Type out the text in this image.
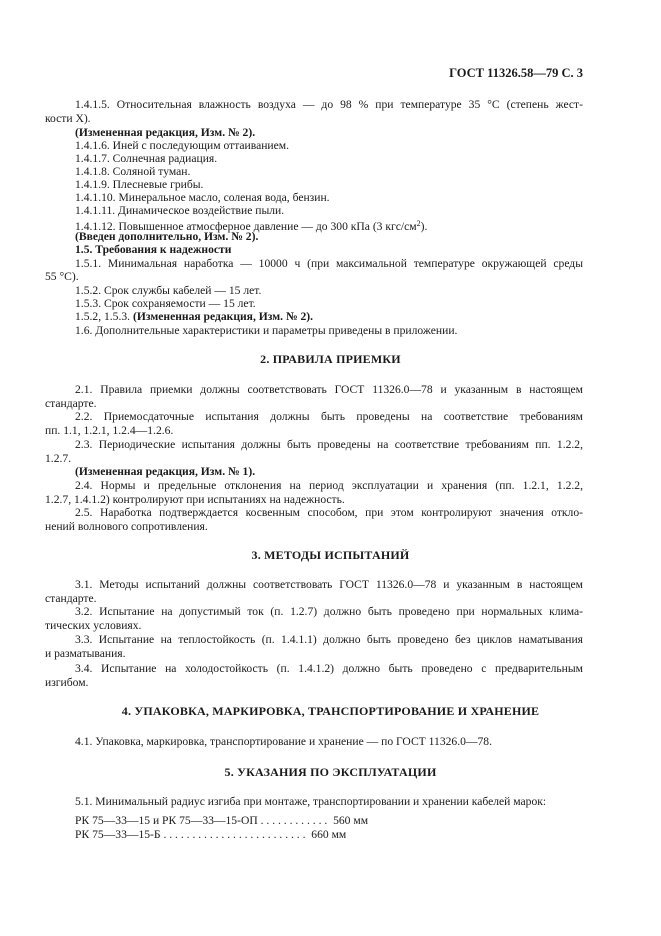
ГОСТ 11326.58—79 С. 3
1.4.1.5. Относительная влажность воздуха — до 98 % при температуре 35 °С (степень жест-
кости X).
(Измененная редакция, Изм. № 2).
1.4.1.6. Иней с последующим оттаиванием.
1.4.1.7. Солнечная радиация.
1.4.1.8. Соляной туман.
1.4.1.9. Плесневые грибы.
1.4.1.10. Минеральное масло, соленая вода, бензин.
1.4.1.11. Динамическое воздействие пыли.
1.4.1.12. Повышенное атмосферное давление — до 300 кПа (3 кгс/$см^2$).
(Введен дополнительно, Изм. № 2).
1.5. Требования к надежности
1.5.1. Минимальная наработка — 10000 ч (при максимальной температуре окружающей среды
55 °С).
1.5.2. Срок службы кабелей — 15 лет.
1.5.3. Срок сохраняемости — 15 лет.
1.5.2, 1.5.3. (Измененная редакция, Изм. № 2).
1.6. Дополнительные характеристики и параметры приведены в приложении.
2. ПРАВИЛА ПРИЕМКИ
2.1. Правила приемки должны соответствовать ГОСТ 11326.0—78 и указанным в настоящем
стандарте.
2.2. Приемосдаточные испытания должны быть проведены на соответствие требованиям
пп. 1.1, 1.2.1, 1.2.4—1.2.6.
2.3. Периодические испытания должны быть проведены на соответствие требованиям пп. 1.2.2,
1.2.7.
(Измененная редакция, Изм. № 1).
2.4. Нормы и предельные отклонения на период эксплуатации и хранения (пп. 1.2.1, 1.2.2,
1.2.7, 1.4.1.2) контролируют при испытаниях на надежность.
2.5. Наработка подтверждается косвенным способом, при этом контролируют значения откло-
нений волнового сопротивления.
3. МЕТОДЫ ИСПЫТАНИЙ
3.1. Методы испытаний должны соответствовать ГОСТ 11326.0—78 и указанным в настоящем
стандарте.
3.2. Испытание на допустимый ток (п. 1.2.7) должно быть проведено при нормальных клима-
тических условиях.
3.3. Испытание на теплостойкость (п. 1.4.1.1) должно быть проведено без циклов наматывания
и разматывания.
3.4. Испытание на холодостойкость (п. 1.4.1.2) должно быть проведено с предварительным
изгибом.
4. УПАКОВКА, МАРКИРОВКА, ТРАНСПОРТИРОВАНИЕ И ХРАНЕНИЕ
4.1. Упаковка, маркировка, транспортирование и хранение — по ГОСТ 11326.0—78.
5. УКАЗАНИЯ ПО ЭКСПЛУАТАЦИИ
5.1. Минимальный радиус изгиба при монтаже, транспортировании и хранении кабелей марок:
РК 75—33—15 и РК 75—33—15-ОП . . . . . . . . . . . .  560 мм
РК 75—33—15-Б . . . . . . . . . . . . . . . . . . . . . . . . .  660 мм
